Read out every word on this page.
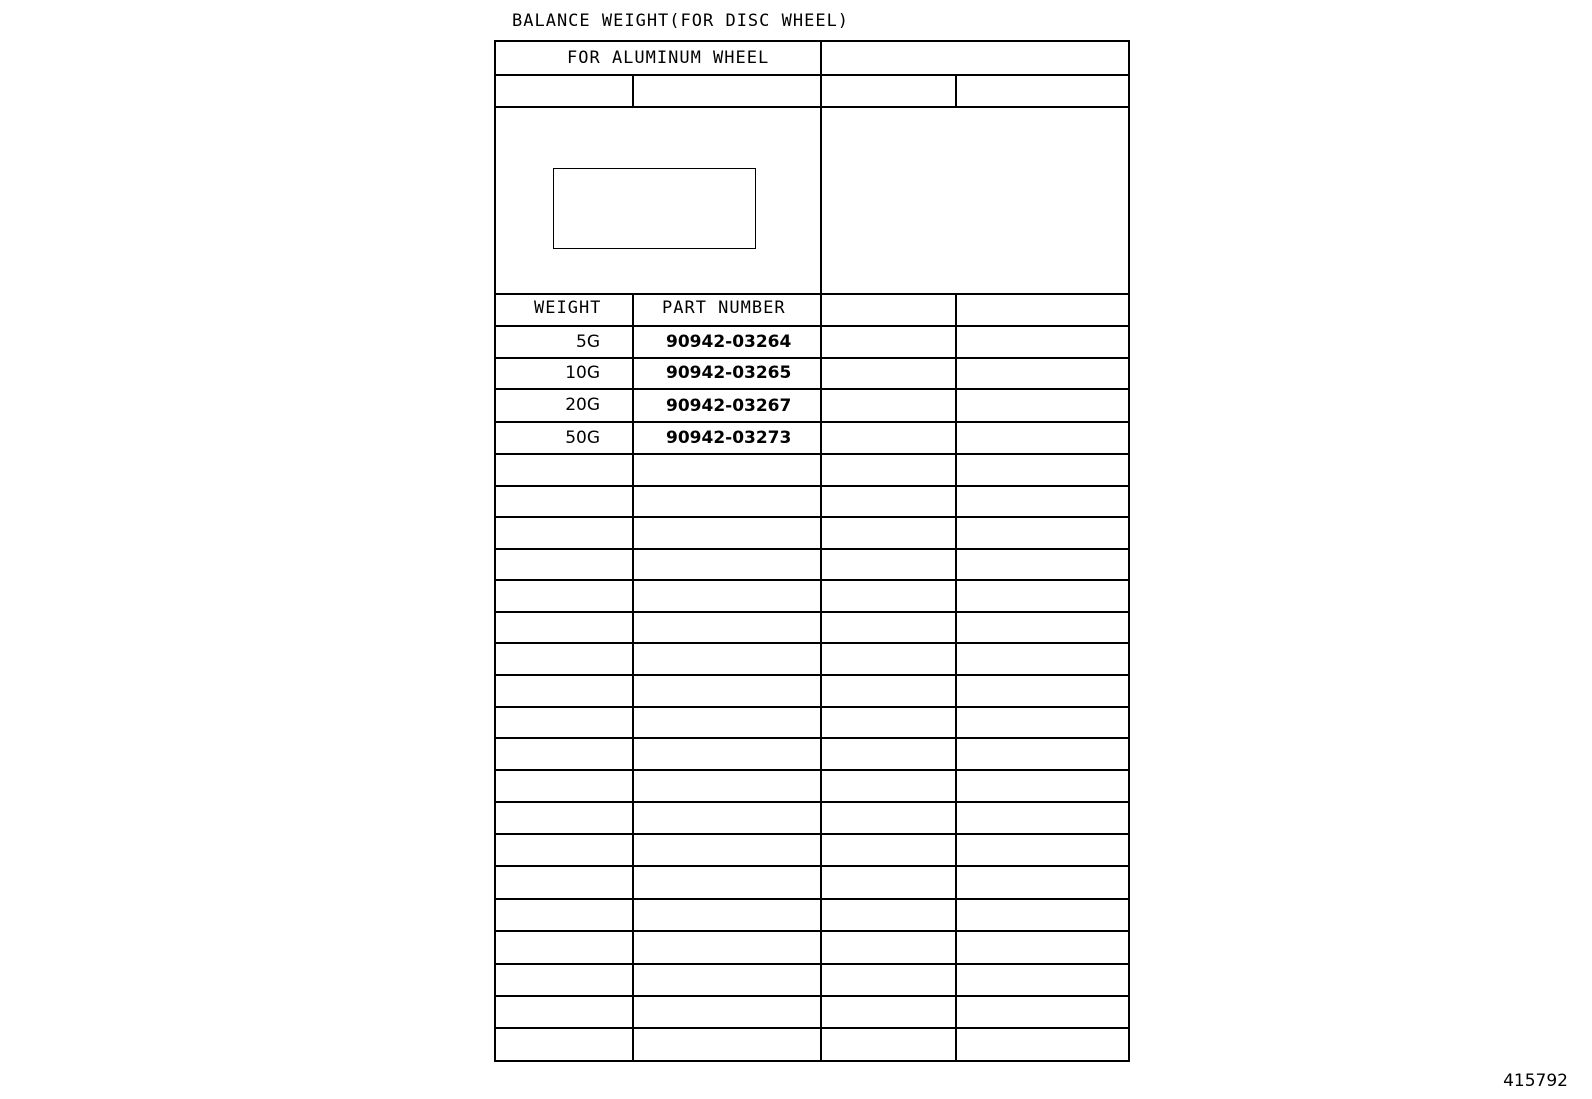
BALANCE WEIGHT(FOR DISC WHEEL)
FOR ALUMINUM WHEEL
WEIGHT	PART NUMBER
5G	90942-03264
10G	90942-03265
20G	90942-03267
50G	90942-03273
415792
